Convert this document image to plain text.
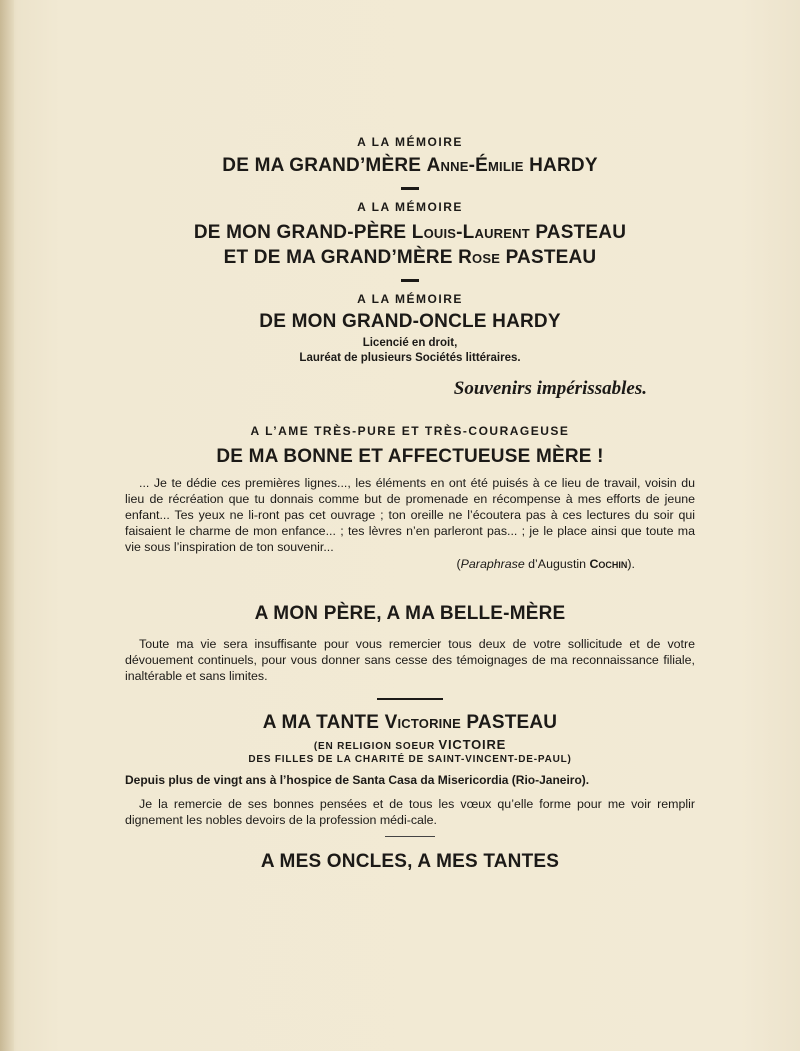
A LA MÉMOIRE
DE MA GRAND’MÈRE Anne-Émilie HARDY
A LA MÉMOIRE
DE MON GRAND-PÈRE Louis-Laurent PASTEAU
ET DE MA GRAND’MÈRE Rose PASTEAU
A LA MÉMOIRE
DE MON GRAND-ONCLE HARDY
Licencié en droit,
Lauréat de plusieurs Sociétés littéraires.
Souvenirs impérissables.
A L’AME TRÈS-PURE ET TRÈS-COURAGEUSE
DE MA BONNE ET AFFECTUEUSE MÈRE !
... Je te dédie ces premières lignes..., les éléments en ont été puisés à ce lieu de travail, voisin du lieu de récréation que tu donnais comme but de promenade en récompense à mes efforts de jeune enfant... Tes yeux ne li-ront pas cet ouvrage ; ton oreille ne l’écoutera pas à ces lectures du soir qui faisaient le charme de mon enfance... ; tes lèvres n’en parleront pas... ; je le place ainsi que toute ma vie sous l’inspiration de ton souvenir...
(Paraphrase d’Augustin Cochin).
A MON PÈRE, A MA BELLE-MÈRE
Toute ma vie sera insuffisante pour vous remercier tous deux de votre sollicitude et de votre dévouement continuels, pour vous donner sans cesse des témoignages de ma reconnaissance filiale, inaltérable et sans limites.
A MA TANTE Victorine PASTEAU
(EN RELIGION SOEUR VICTOIRE
DES FILLES DE LA CHARITÉ DE SAINT-VINCENT-DE-PAUL)
Depuis plus de vingt ans à l’hospice de Santa Casa da Misericordia (Rio-Janeiro).
Je la remercie de ses bonnes pensées et de tous les vœux qu’elle forme pour me voir remplir dignement les nobles devoirs de la profession médi-cale.
A MES ONCLES, A MES TANTES
